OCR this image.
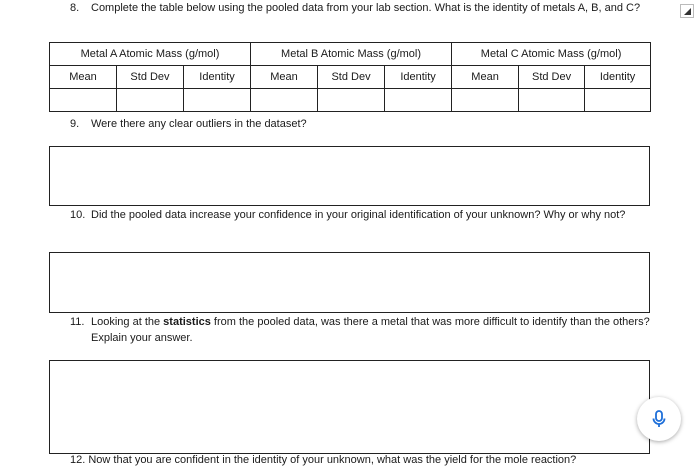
8. Complete the table below using the pooled data from your lab section. What is the identity of metals A, B, and C?
Metal A Atomic Mass (g/mol)			Metal B Atomic Mass (g/mol)			Metal C Atomic Mass (g/mol)		
Mean	Std Dev	Identity	Mean	Std Dev	Identity	Mean	Std Dev	Identity

9. Were there any clear outliers in the dataset?
10. Did the pooled data increase your confidence in your original identification of your unknown? Why or why not?
11. Looking at the statistics from the pooled data, was there a metal that was more difficult to identify than the others? Explain your answer.
12. Now that you are confident in the identity of your unknown, what was the yield for the mole reaction?
